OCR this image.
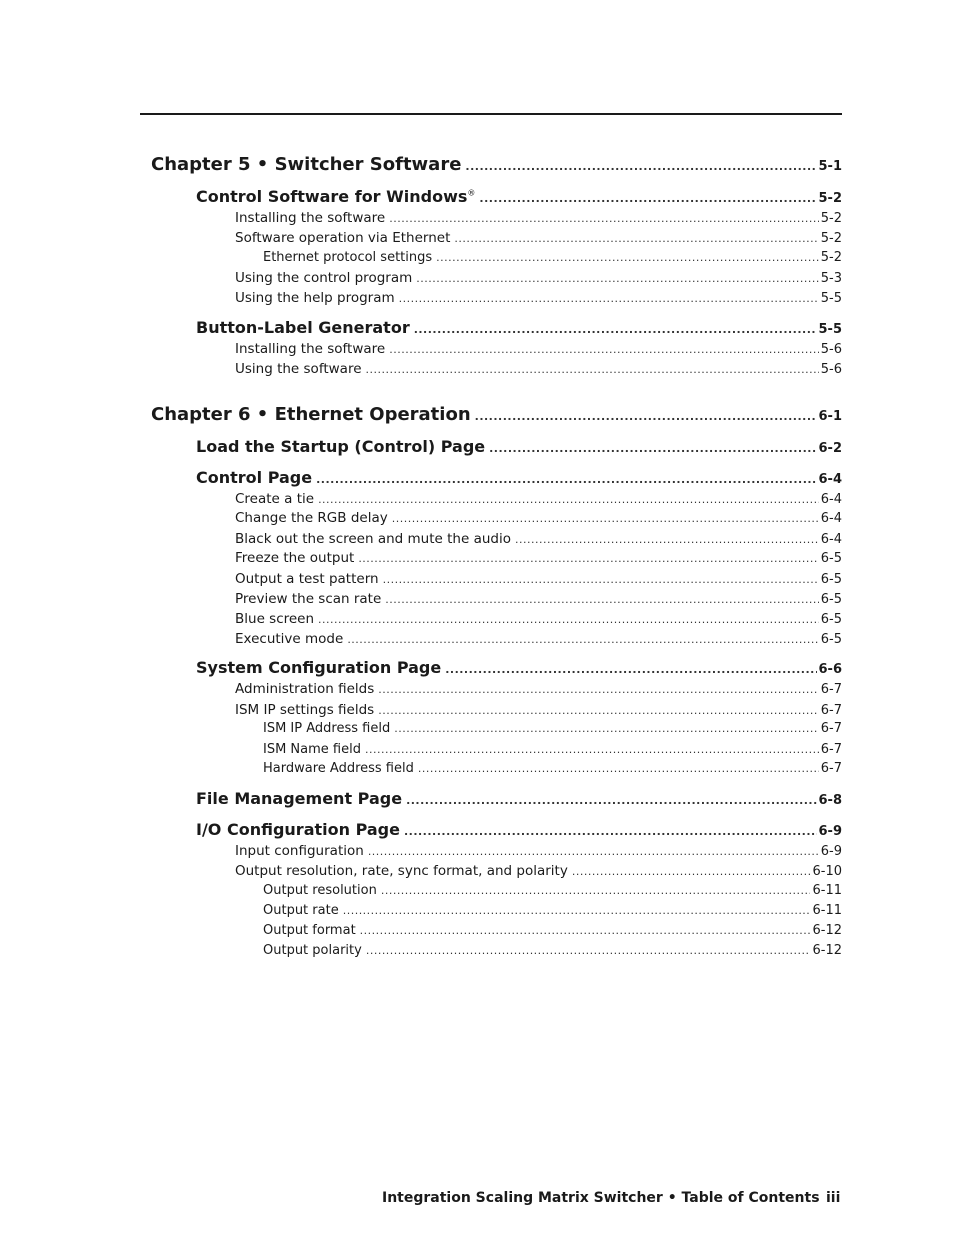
Chapter 5 • Switcher Software .....	5-1
Control Software for Windows® .....	5-2
Installing the software .....	5-2
Software operation via Ethernet .....	5-2
Ethernet protocol settings .....	5-2
Using the control program .....	5-3
Using the help program .....	5-5
Button-Label Generator .....	5-5
Installing the software .....	5-6
Using the software .....	5-6
Chapter 6 • Ethernet Operation .....	6-1
Load the Startup (Control) Page .....	6-2
Control Page .....	6-4
Create a tie .....	6-4
Change the RGB delay .....	6-4
Black out the screen and mute the audio .....	6-4
Freeze the output .....	6-5
Output a test pattern .....	6-5
Preview the scan rate .....	6-5
Blue screen .....	6-5
Executive mode .....	6-5
System Configuration Page .....	6-6
Administration fields .....	6-7
ISM IP settings fields .....	6-7
ISM IP Address field .....	6-7
ISM Name field .....	6-7
Hardware Address field .....	6-7
File Management Page .....	6-8
I/O Configuration Page .....	6-9
Input configuration .....	6-9
Output resolution, rate, sync format, and polarity .....	6-10
Output resolution .....	6-11
Output rate .....	6-11
Output format .....	6-12
Output polarity .....	6-12
Integration Scaling Matrix Switcher • Table of Contents iii
